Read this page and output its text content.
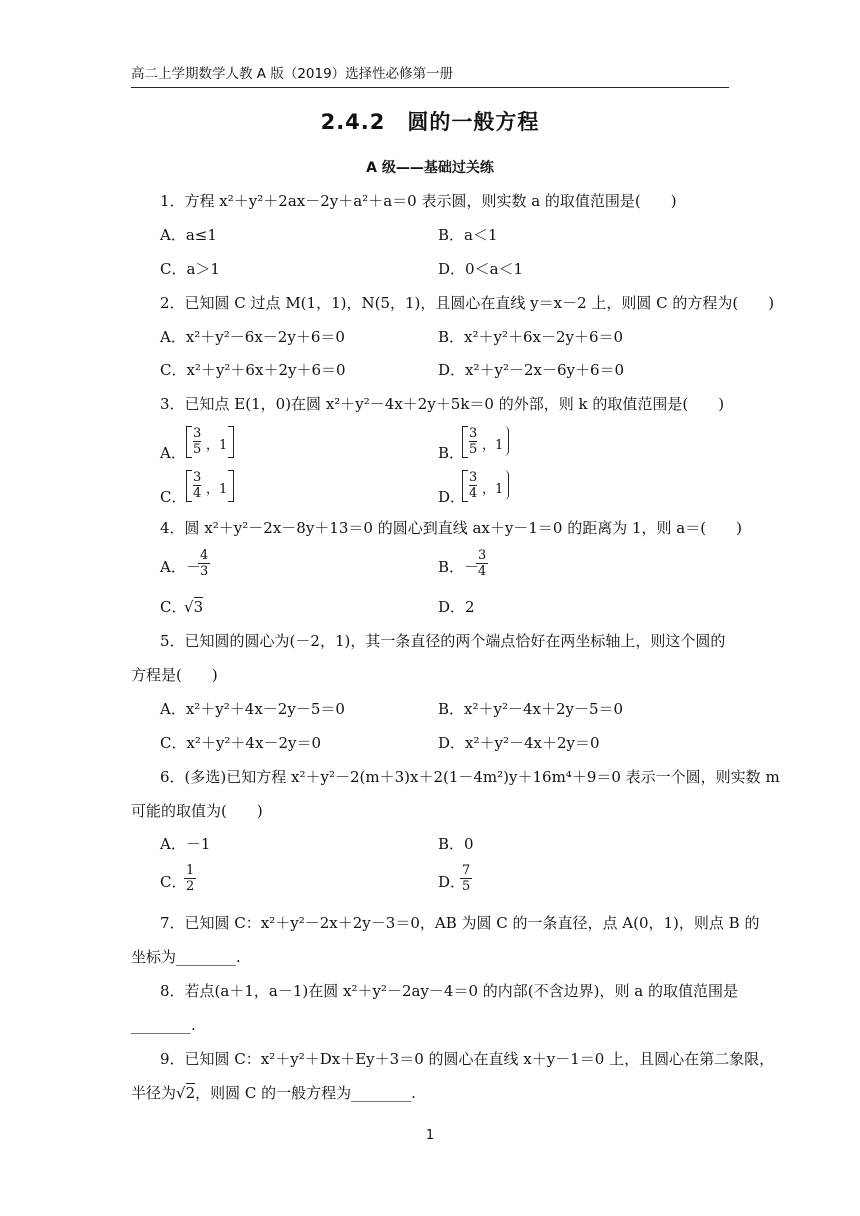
高二上学期数学人教 A 版（2019）选择性必修第一册
2.4.2　圆的一般方程
A 级——基础过关练
1．方程 x²＋y²＋2ax－2y＋a²＋a＝0 表示圆，则实数 a 的取值范围是(　　)
A．a≤1	B．a＜1
C．a＞1	D．0＜a＜1
2．已知圆 C 过点 M(1，1)，N(5，1)，且圆心在直线 y＝x－2 上，则圆 C 的方程为(　　)
A．x²＋y²－6x－2y＋6＝0	B．x²＋y²＋6x－2y＋6＝0
C．x²＋y²＋6x＋2y＋6＝0	D．x²＋y²－2x－6y＋6＝0
3．已知点 E(1，0)在圆 x²＋y²－4x＋2y＋5k＝0 的外部，则 k 的取值范围是(　　)
A．
3
5 ，1	B．
3
5 ，1
C．
3
4 ，1	D．
3
4 ，1
4．圆 x²＋y²－2x－8y＋13＝0 的圆心到直线 ax＋y－1＝0 的距离为 1，则 a＝(　　)
A．－
$\frac{4}{3}$	B．－
$\frac{3}{4}$
C．
√3	D．2
5．已知圆的圆心为(－2，1)，其一条直径的两个端点恰好在两坐标轴上，则这个圆的
方程是(　　)
A．x²＋y²＋4x－2y－5＝0	B．x²＋y²－4x＋2y－5＝0
C．x²＋y²＋4x－2y＝0	D．x²＋y²－4x＋2y＝0
6．(多选)已知方程 x²＋y²－2(m＋3)x＋2(1－4m²)y＋16m⁴＋9＝0 表示一个圆，则实数 m
可能的取值为(　　)
A．－1	B．0
C．
$\frac{1}{2}$	D．
$\frac{7}{5}$
7．已知圆 C：x²＋y²－2x＋2y－3＝0，AB 为圆 C 的一条直径，点 A(0，1)，则点 B 的
坐标为________.
8．若点(a＋1，a－1)在圆 x²＋y²－2ay－4＝0 的内部(不含边界)，则 a 的取值范围是
________.
9．已知圆 C：x²＋y²＋Dx＋Ey＋3＝0 的圆心在直线 x＋y－1＝0 上，且圆心在第二象限，
半径为√2，则圆 C 的一般方程为________.
1
